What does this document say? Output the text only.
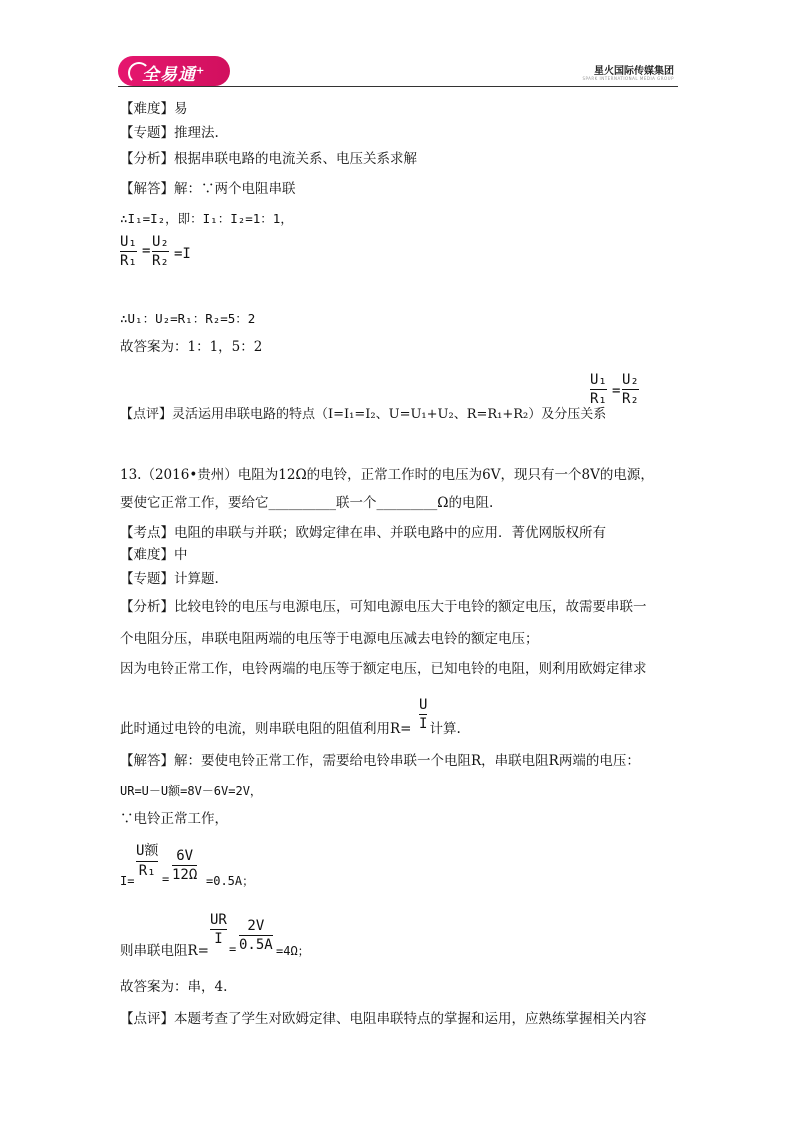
全易通+	星火国际传媒集团
SPARK INTERNATIONAL MEDIA GROUP
【难度】易
【专题】推理法.
【分析】根据串联电路的电流关系、电压关系求解
【解答】解：∵两个电阻串联
∴I₁=I₂，即：I₁：I₂=1：1，
U₁
R₁
=
U₂
R₂ =I
∴U₁：U₂=R₁：R₂=5：2
故答案为：1：1，5：2
【点评】灵活运用串联电路的特点（I=I₁=I₂、U=U₁+U₂、R=R₁+R₂）及分压关系
U₁
R₁ =
U₂
R₂
13.（2016•贵州）电阻为12Ω的电铃，正常工作时的电压为6V，现只有一个8V的电源，
要使它正常工作，要给它__________联一个_________Ω的电阻.
【考点】电阻的串联与并联；欧姆定律在串、并联电路中的应用．菁优网版权所有
【难度】中
【专题】计算题.
【分析】比较电铃的电压与电源电压，可知电源电压大于电铃的额定电压，故需要串联一
个电阻分压，串联电阻两端的电压等于电源电压减去电铃的额定电压；
因为电铃正常工作，电铃两端的电压等于额定电压，已知电铃的电阻，则利用欧姆定律求
此时通过电铃的电流，则串联电阻的阻值利用R= 计算.
U
I
【解答】解：要使电铃正常工作，需要给电铃串联一个电阻R，串联电阻R两端的电压：
UR=U－U额=8V－6V=2V，
∵电铃正常工作，
I=
U额
R₁ =
6V
12Ω =0.5A；
则串联电阻R=
UR
I
=
2V
0.5A =4Ω；
故答案为：串，4.
【点评】本题考查了学生对欧姆定律、电阻串联特点的掌握和运用，应熟练掌握相关内容
